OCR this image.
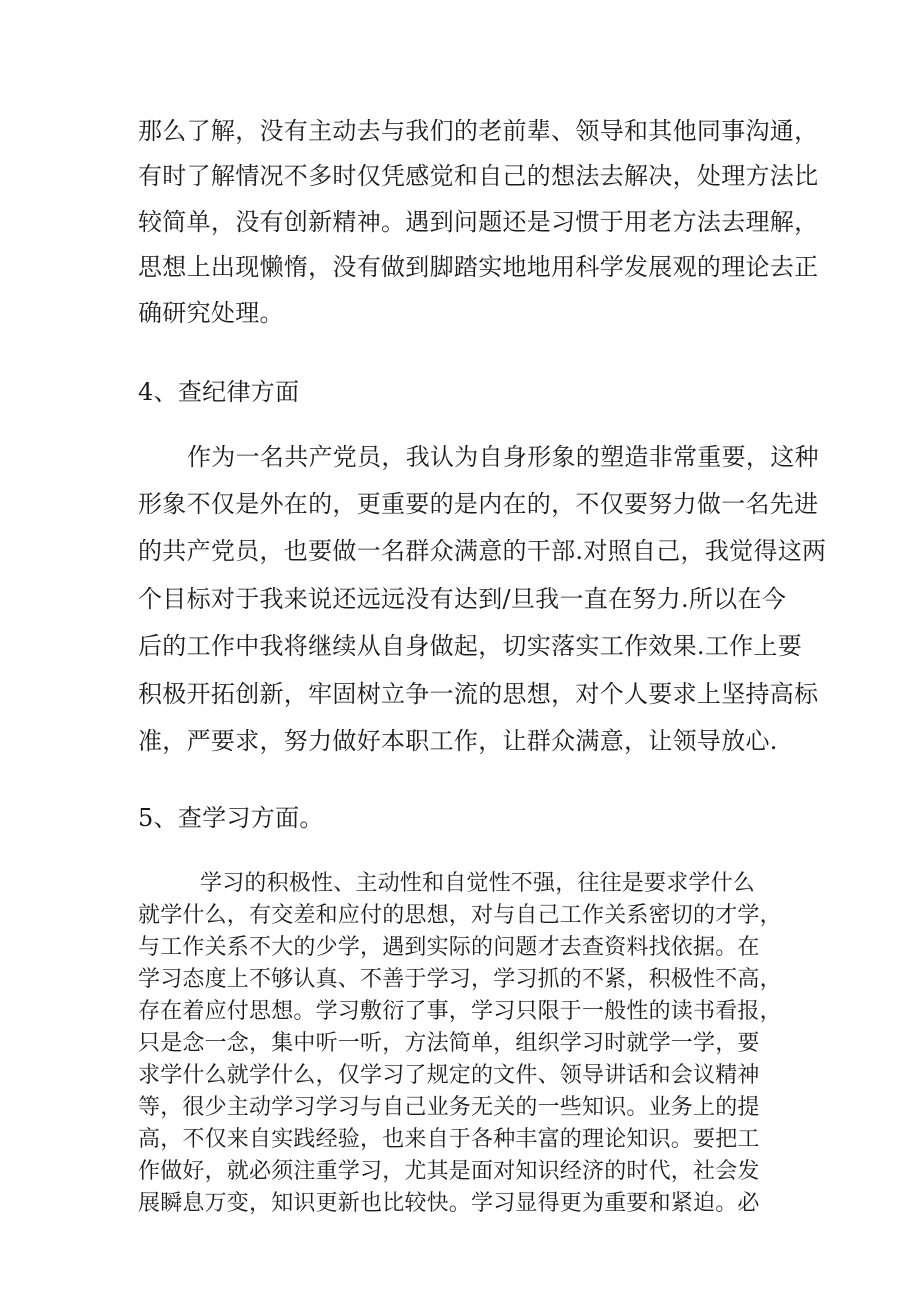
那么了解，没有主动去与我们的老前辈、领导和其他同事沟通，
有时了解情况不多时仅凭感觉和自己的想法去解决，处理方法比
较简单，没有创新精神。遇到问题还是习惯于用老方法去理解，
思想上出现懒惰，没有做到脚踏实地地用科学发展观的理论去正
确研究处理。
4、查纪律方面
作为一名共产党员，我认为自身形象的塑造非常重要，这种
形象不仅是外在的，更重要的是内在的，不仅要努力做一名先进
的共产党员，也要做一名群众满意的干部.对照自己，我觉得这两
个目标对于我来说还远远没有达到/旦我一直在努力.所以在今
后的工作中我将继续从自身做起，切实落实工作效果.工作上要
积极开拓创新，牢固树立争一流的思想，对个人要求上坚持高标
准，严要求，努力做好本职工作，让群众满意，让领导放心.
5、查学习方面。
学习的积极性、主动性和自觉性不强，往往是要求学什么
就学什么，有交差和应付的思想，对与自己工作关系密切的才学，
与工作关系不大的少学，遇到实际的问题才去查资料找依据。在
学习态度上不够认真、不善于学习，学习抓的不紧，积极性不高，
存在着应付思想。学习敷衍了事，学习只限于一般性的读书看报，
只是念一念，集中听一听，方法简单，组织学习时就学一学，要
求学什么就学什么，仅学习了规定的文件、领导讲话和会议精神
等，很少主动学习学习与自己业务无关的一些知识。业务上的提
高，不仅来自实践经验，也来自于各种丰富的理论知识。要把工
作做好，就必须注重学习，尤其是面对知识经济的时代，社会发
展瞬息万变，知识更新也比较快。学习显得更为重要和紧迫。必
